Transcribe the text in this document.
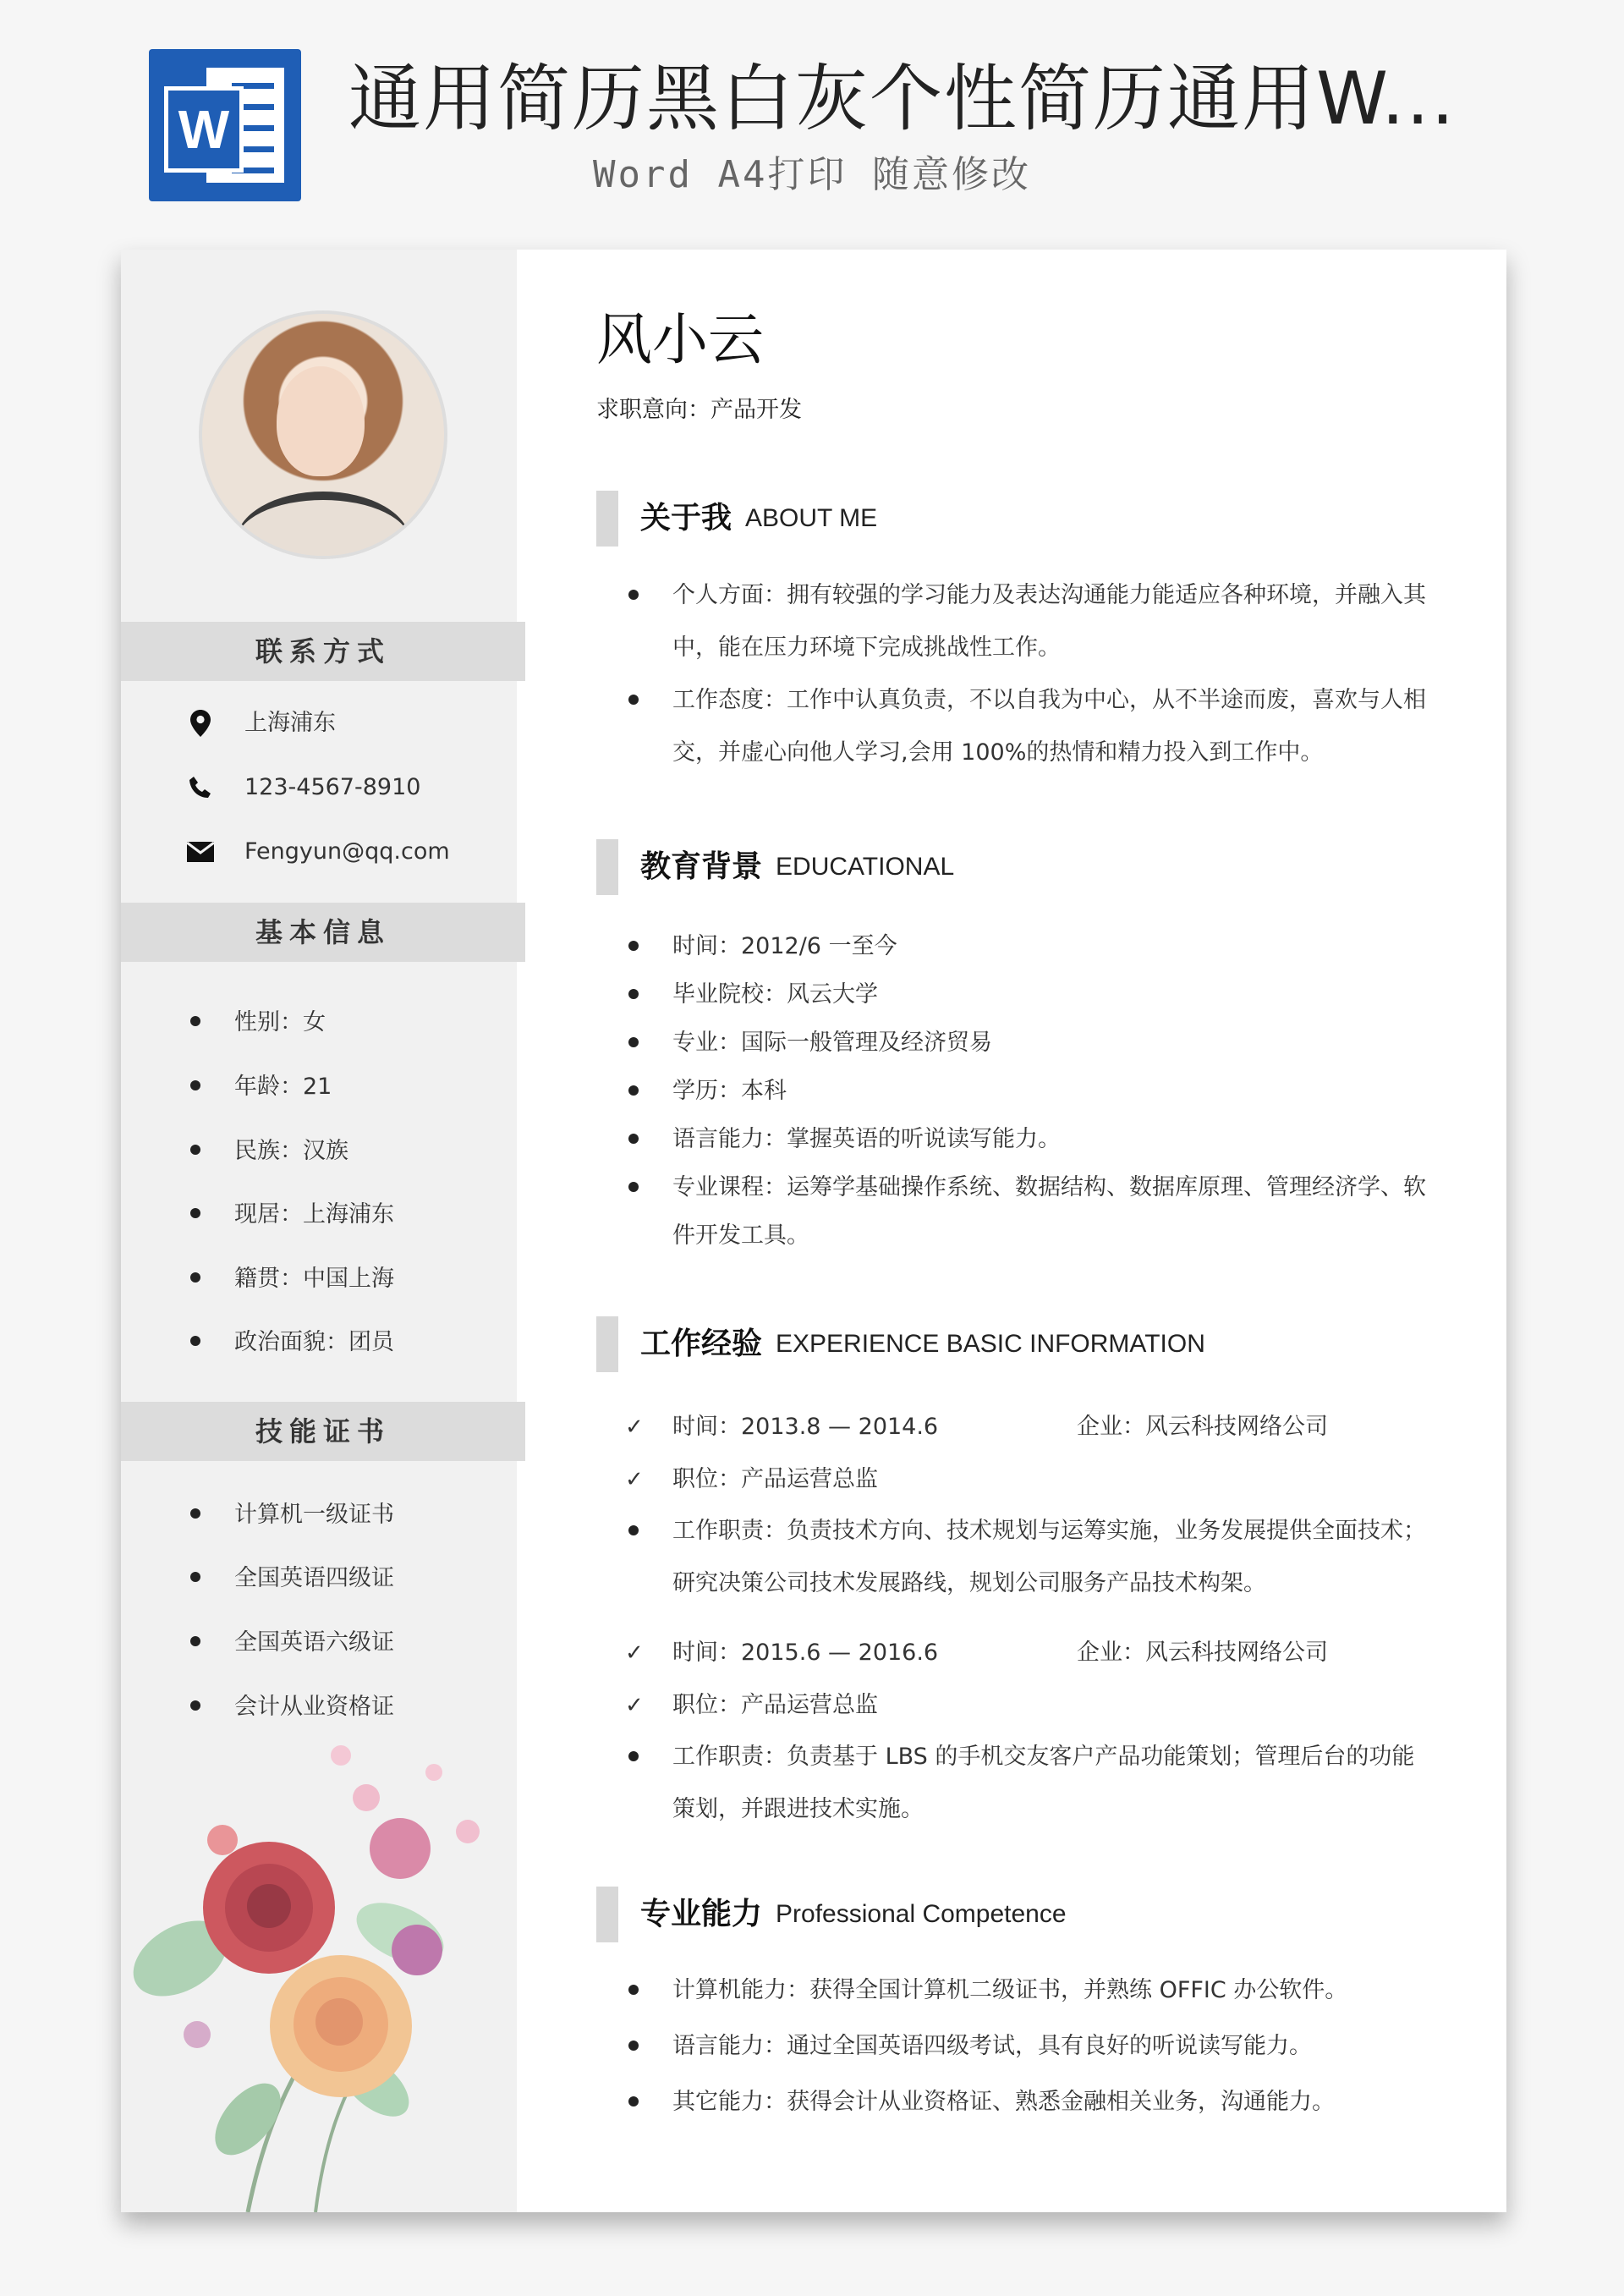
W 通用简历黑白灰个性简历通用W...
Word A4打印 随意修改
联系方式
上海浦东
123-4567-8910
Fengyun@qq.com
基本信息
性别：女
年龄：21
民族：汉族
现居：上海浦东
籍贯：中国上海
政治面貌：团员
技能证书
计算机一级证书
全国英语四级证
全国英语六级证
会计从业资格证
风小云
求职意向：产品开发
关于我 ABOUT ME
个人方面：拥有较强的学习能力及表达沟通能力能适应各种环境，并融入其中，能在压力环境下完成挑战性工作。
工作态度：工作中认真负责，不以自我为中心，从不半途而废，喜欢与人相交，并虚心向他人学习,会用 100%的热情和精力投入到工作中。
教育背景 EDUCATIONAL
时间：2012/6 一至今
毕业院校：风云大学
专业：国际一般管理及经济贸易
学历：本科
语言能力：掌握英语的听说读写能力。
专业课程：运筹学基础操作系统、数据结构、数据库原理、管理经济学、软件开发工具。
工作经验 EXPERIENCE BASIC INFORMATION
✓ 时间：2013.8 — 2014.6	企业：风云科技网络公司
✓ 职位：产品运营总监
工作职责：负责技术方向、技术规划与运筹实施，业务发展提供全面技术；研究决策公司技术发展路线，规划公司服务产品技术构架。
✓ 时间：2015.6 — 2016.6	企业：风云科技网络公司
✓ 职位：产品运营总监
工作职责：负责基于 LBS 的手机交友客户产品功能策划；管理后台的功能策划，并跟进技术实施。
专业能力 Professional Competence
计算机能力：获得全国计算机二级证书，并熟练 OFFIC 办公软件。
语言能力：通过全国英语四级考试，具有良好的听说读写能力。
其它能力：获得会计从业资格证、熟悉金融相关业务，沟通能力。
